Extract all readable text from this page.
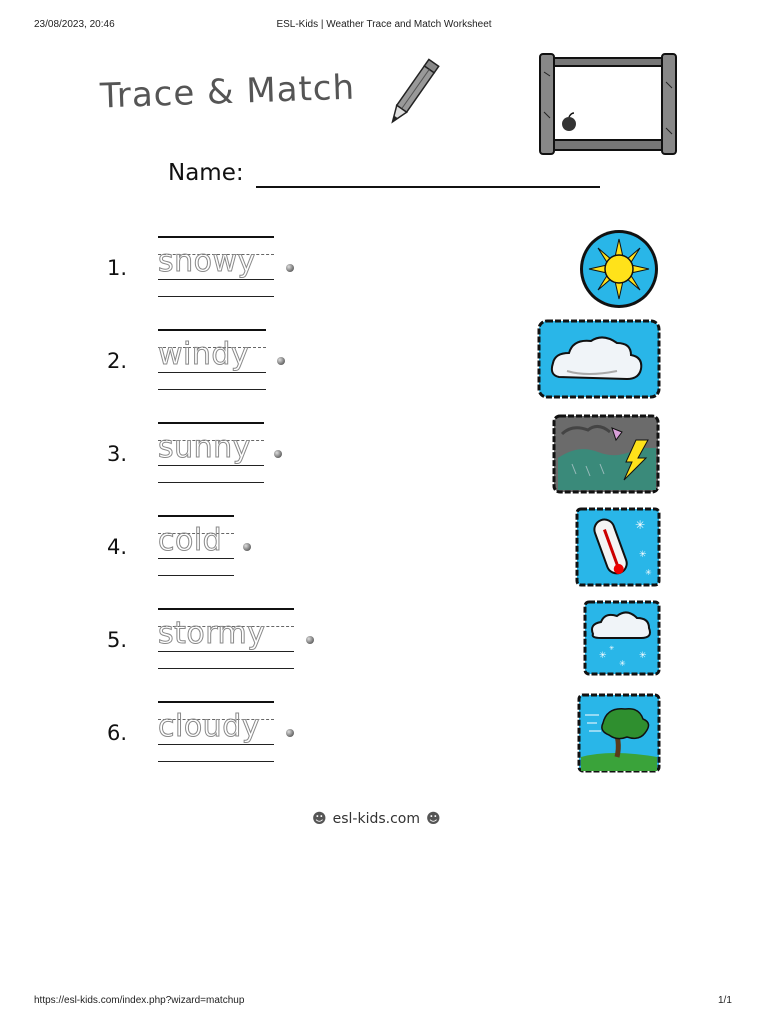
23/08/2023, 20:46	ESL-Kids | Weather Trace and Match Worksheet
Trace & Match
Name:
1. snowy
2. windy
3. sunny
4. cold
5. stormy
6. cloudy
✳
✳
✳
✳
✳
✳
✳
☻ esl-kids.com ☻
https://esl-kids.com/index.php?wizard=matchup	1/1
